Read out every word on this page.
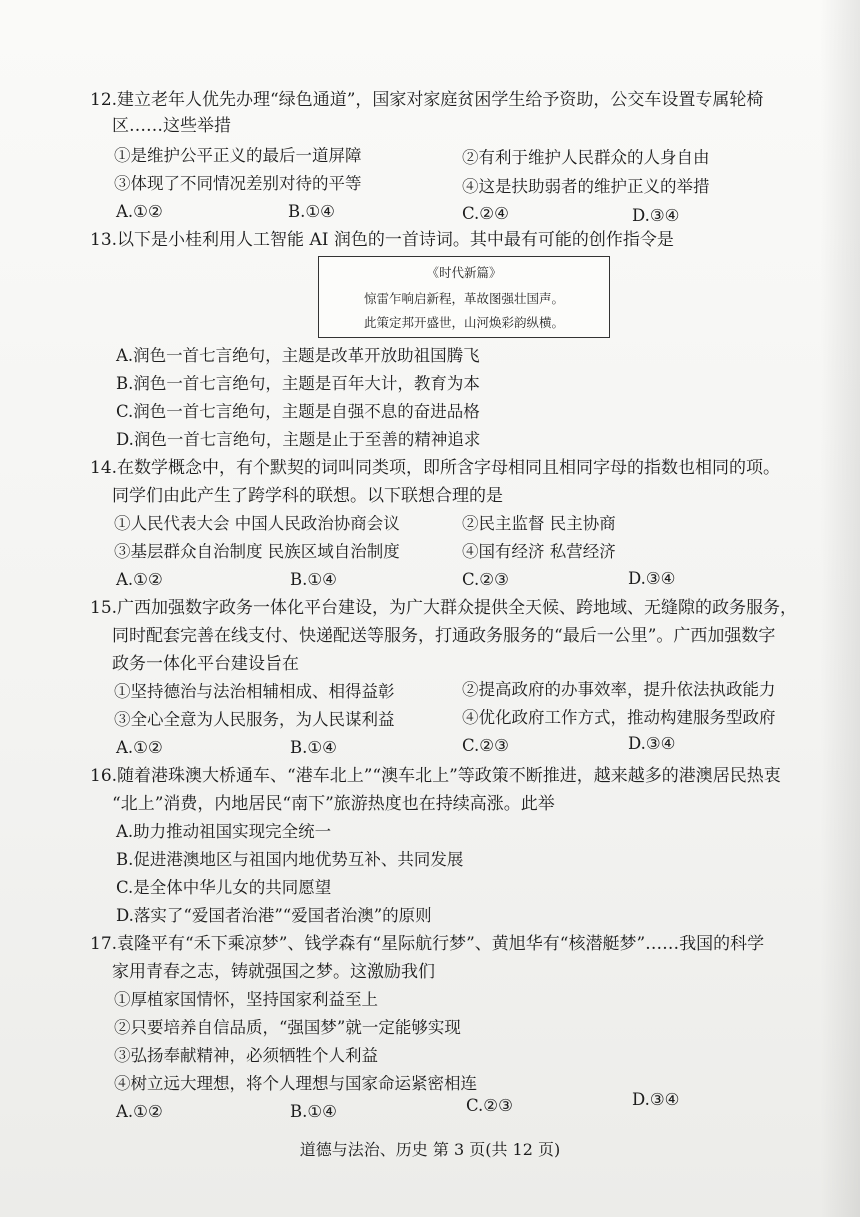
12.建立老年人优先办理“绿色通道”，国家对家庭贫困学生给予资助，公交车设置专属轮椅
区……这些举措
①是维护公平正义的最后一道屏障	②有利于维护人民群众的人身自由
③体现了不同情况差别对待的平等	④这是扶助弱者的维护正义的举措
A.①②	B.①④	C.②④	D.③④
13.以下是小桂利用人工智能 AI 润色的一首诗词。其中最有可能的创作指令是
《时代新篇》
惊雷乍响启新程，革故图强壮国声。
此策定邦开盛世，山河焕彩韵纵横。
A.润色一首七言绝句，主题是改革开放助祖国腾飞
B.润色一首七言绝句，主题是百年大计，教育为本
C.润色一首七言绝句，主题是自强不息的奋进品格
D.润色一首七言绝句，主题是止于至善的精神追求
14.在数学概念中，有个默契的词叫同类项，即所含字母相同且相同字母的指数也相同的项。
同学们由此产生了跨学科的联想。以下联想合理的是
①人民代表大会 中国人民政治协商会议	②民主监督 民主协商
③基层群众自治制度 民族区域自治制度	④国有经济 私营经济
A.①②	B.①④	C.②③	D.③④
15.广西加强数字政务一体化平台建设，为广大群众提供全天候、跨地域、无缝隙的政务服务，
同时配套完善在线支付、快递配送等服务，打通政务服务的“最后一公里”。广西加强数字
政务一体化平台建设旨在
①坚持德治与法治相辅相成、相得益彰	②提高政府的办事效率，提升依法执政能力
③全心全意为人民服务，为人民谋利益	④优化政府工作方式，推动构建服务型政府
A.①②	B.①④	C.②③	D.③④
16.随着港珠澳大桥通车、“港车北上”“澳车北上”等政策不断推进，越来越多的港澳居民热衷
“北上”消费，内地居民“南下”旅游热度也在持续高涨。此举
A.助力推动祖国实现完全统一
B.促进港澳地区与祖国内地优势互补、共同发展
C.是全体中华儿女的共同愿望
D.落实了“爱国者治港”“爱国者治澳”的原则
17.袁隆平有“禾下乘凉梦”、钱学森有“星际航行梦”、黄旭华有“核潜艇梦”……我国的科学
家用青春之志，铸就强国之梦。这激励我们
①厚植家国情怀，坚持国家利益至上
②只要培养自信品质，“强国梦”就一定能够实现
③弘扬奉献精神，必须牺牲个人利益
④树立远大理想，将个人理想与国家命运紧密相连
A.①②	B.①④	C.②③	D.③④
道德与法治、历史 第 3 页(共 12 页)
